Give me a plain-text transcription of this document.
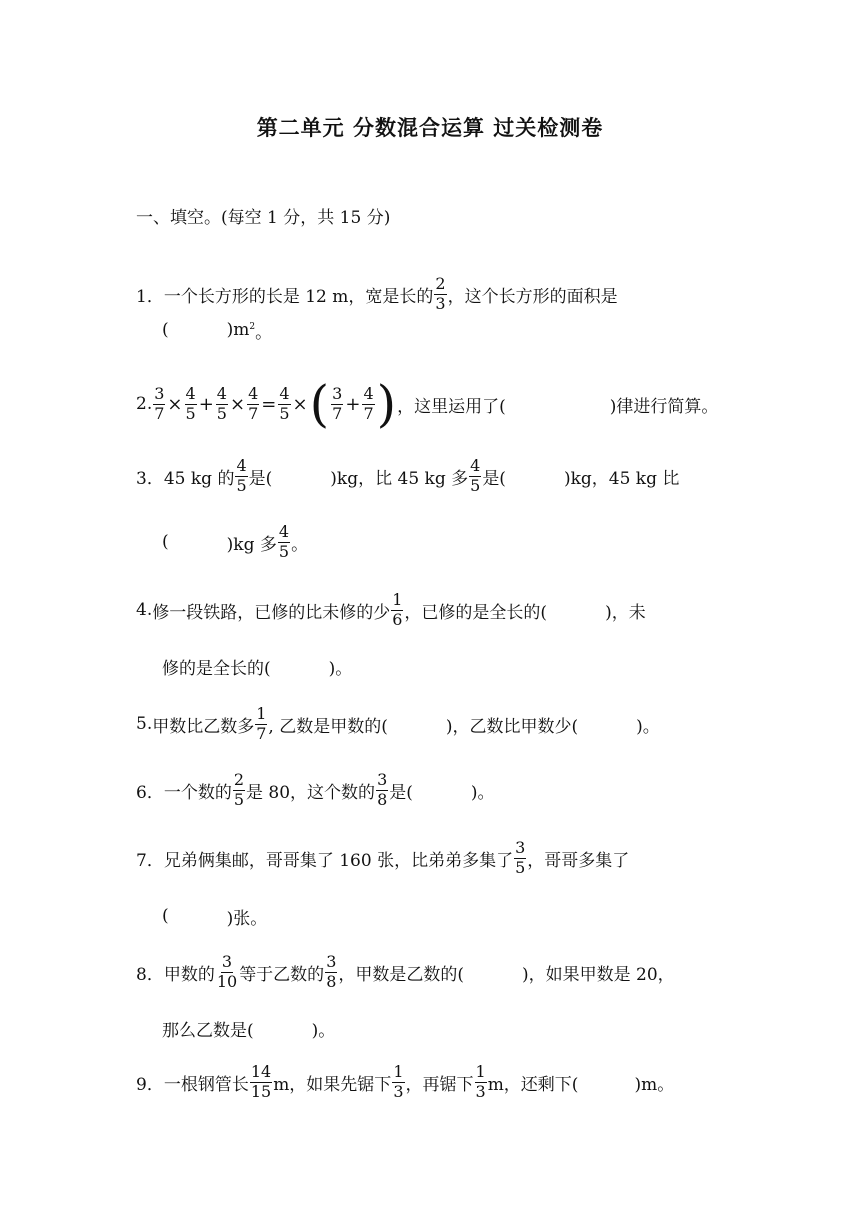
第二单元 分数混合运算 过关检测卷
一、填空。(每空 1 分，共 15 分)
1． 一个长方形的长是 12 m，宽是长的 $\frac{2}{3}$ ，这个长方形的面积是
(	)m 2 。
2. $\frac{3}{7} \times \frac{4}{5} + \frac{4}{5} \times \frac{4}{7} = \frac{4}{5}$ × ( $\frac{3}{7} + \frac{4}{7}$ ) ，这里运用了(	)律进行简算。
3． 45 kg 的 $\frac{4}{5}$ 是(	)kg，比 45 kg 多 $\frac{4}{5}$ 是(	)kg，45 kg 比
(	)kg 多 $\frac{4}{5}$ 。
4. 修一段铁路，已修的比未修的少 $\frac{1}{6}$ ，已修的是全长的(	)，未
修的是全长的(	)。
5. 甲数比乙数多 $\frac{1}{7}$ , 乙数是甲数的(	)，乙数比甲数少(	)。
6． 一个数的 $\frac{2}{5}$ 是 80，这个数的 $\frac{3}{8}$ 是(	)。
7． 兄弟俩集邮，哥哥集了 160 张，比弟弟多集了 $\frac{3}{5}$ ，哥哥多集了
(	)张。
8． 甲数的 $\frac{3}{10}$ 等于乙数的 $\frac{3}{8}$ ，甲数是乙数的(	)，如果甲数是 20，
那么乙数是(	)。
9． 一根钢管长 $\frac{14}{15}$ m，如果先锯下 $\frac{1}{3}$ ，再锯下 $\frac{1}{3}$ m，还剩下(	)m。
